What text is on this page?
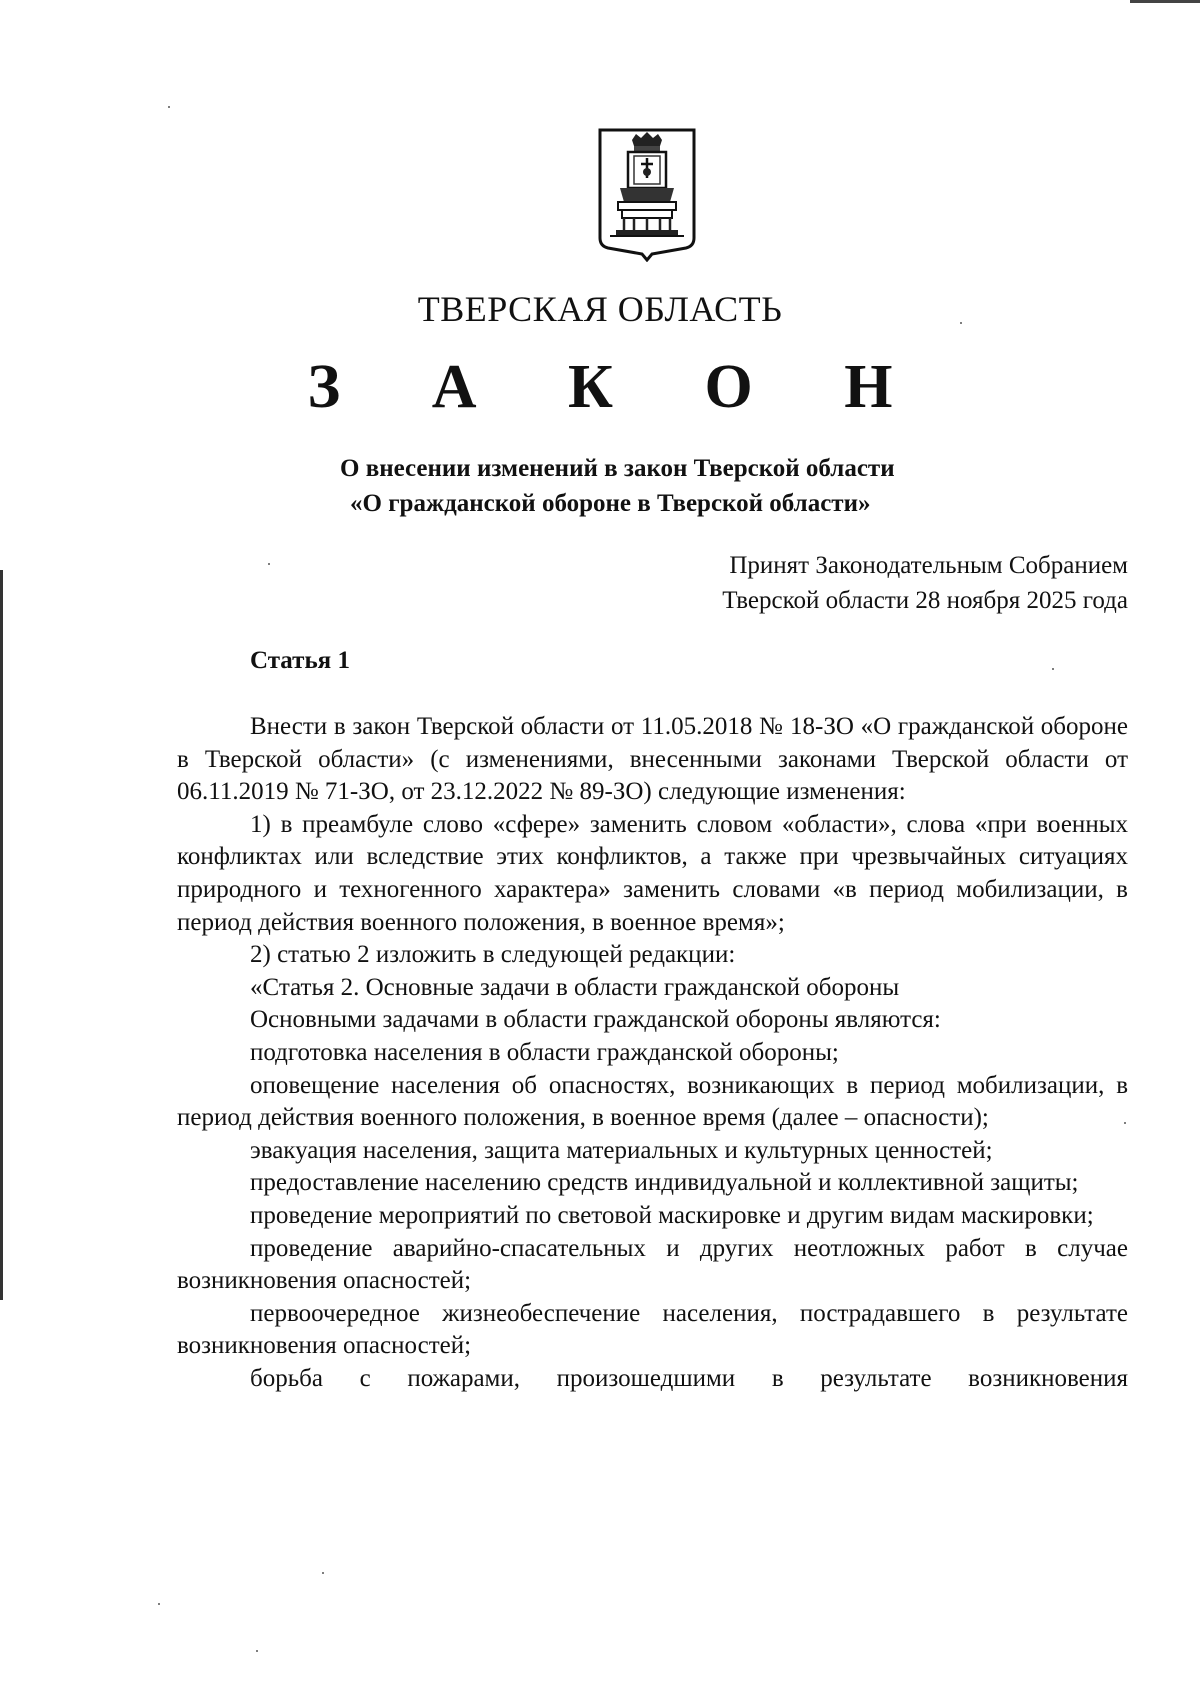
ТВЕРСКАЯ ОБЛАСТЬ
З А К О Н
О внесении изменений в закон Тверской области
«О гражданской обороне в Тверской области»
Принят Законодательным Собранием
Тверской области 28 ноября 2025 года
Статья 1

Внести в закон Тверской области от 11.05.2018 № 18-ЗО «О гражданской обороне в Тверской области» (с изменениями, внесенными законами Тверской области от 06.11.2019 № 71-ЗО, от 23.12.2022 № 89-ЗО) следующие изменения:

1) в преамбуле слово «сфере» заменить словом «области», слова «при военных конфликтах или вследствие этих конфликтов, а также при чрезвычайных ситуациях природного и техногенного характера» заменить словами «в период мобилизации, в период действия военного положения, в военное время»;

2) статью 2 изложить в следующей редакции:

«Статья 2. Основные задачи в области гражданской обороны

Основными задачами в области гражданской обороны являются:

подготовка населения в области гражданской обороны;

оповещение населения об опасностях, возникающих в период мобилизации, в период действия военного положения, в военное время (далее – опасности);

эвакуация населения, защита материальных и культурных ценностей;

предоставление населению средств индивидуальной и коллективной защиты;

проведение мероприятий по световой маскировке и другим видам маскировки;

проведение аварийно-спасательных и других неотложных работ в случае возникновения опасностей;

первоочередное жизнеобеспечение населения, пострадавшего в результате возникновения опасностей;

борьба с пожарами, произошедшими в результате возникновения
